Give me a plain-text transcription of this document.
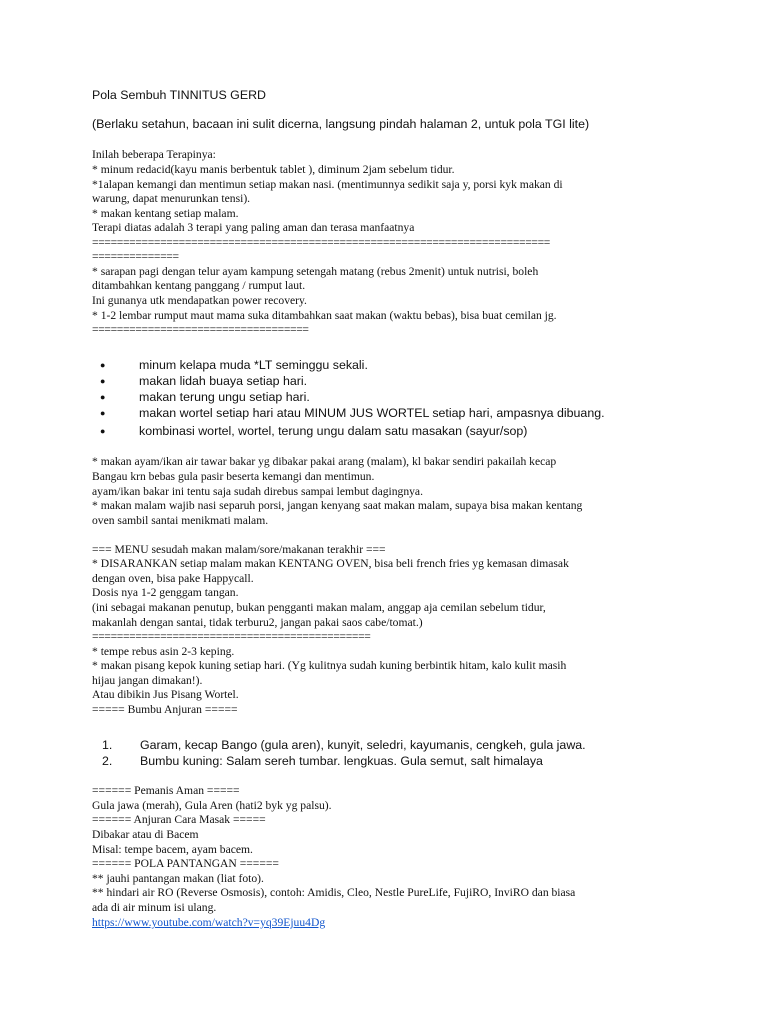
Pola Sembuh TINNITUS GERD
(Berlaku setahun, bacaan ini sulit dicerna, langsung pindah halaman 2, untuk pola TGI lite)
Inilah beberapa Terapinya:
* minum redacid(kayu manis berbentuk tablet ), diminum 2jam sebelum tidur.
*1alapan kemangi dan mentimun setiap makan nasi. (mentimunnya sedikit saja y, porsi kyk makan di
warung, dapat menurunkan tensi).
* makan kentang setiap malam.
Terapi diatas adalah 3 terapi yang paling aman dan terasa manfaatnya
==========================================================================
==============
* sarapan pagi dengan telur ayam kampung setengah matang (rebus 2menit) untuk nutrisi, boleh
ditambahkan kentang panggang / rumput laut.
Ini gunanya utk mendapatkan power recovery.
* 1-2 lembar rumput maut mama suka ditambahkan saat makan (waktu bebas), bisa buat cemilan jg.
===================================
●	minum kelapa muda *LT seminggu sekali.
●	makan lidah buaya setiap hari.
●	makan terung ungu setiap hari.
●	makan wortel setiap hari atau MINUM JUS WORTEL setiap hari, ampasnya dibuang.
●	kombinasi wortel, wortel, terung ungu dalam satu masakan (sayur/sop)
* makan ayam/ikan air tawar bakar yg dibakar pakai arang (malam), kl bakar sendiri pakailah kecap
Bangau krn bebas gula pasir beserta kemangi dan mentimun.
ayam/ikan bakar ini tentu saja sudah direbus sampai lembut dagingnya.
* makan malam wajib nasi separuh porsi, jangan kenyang saat makan malam, supaya bisa makan kentang
oven sambil santai menikmati malam.
=== MENU sesudah makan malam/sore/makanan terakhir ===
* DISARANKAN setiap malam makan KENTANG OVEN, bisa beli french fries yg kemasan dimasak
dengan oven, bisa pake Happycall.
Dosis nya 1-2 genggam tangan.
(ini sebagai makanan penutup, bukan pengganti makan malam, anggap aja cemilan sebelum tidur,
makanlah dengan santai, tidak terburu2, jangan pakai saos cabe/tomat.)
=============================================
* tempe rebus asin 2-3 keping.
* makan pisang kepok kuning setiap hari. (Yg kulitnya sudah kuning berbintik hitam, kalo kulit masih
hijau jangan dimakan!).
Atau dibikin Jus Pisang Wortel.
===== Bumbu Anjuran =====
1. Garam, kecap Bango (gula aren), kunyit, seledri, kayumanis, cengkeh, gula jawa.
2. Bumbu kuning: Salam sereh tumbar. lengkuas. Gula semut, salt himalaya
====== Pemanis Aman =====
Gula jawa (merah), Gula Aren (hati2 byk yg palsu).
====== Anjuran Cara Masak =====
Dibakar atau di Bacem
Misal: tempe bacem, ayam bacem.
====== POLA PANTANGAN ======
** jauhi pantangan makan (liat foto).
** hindari air RO (Reverse Osmosis), contoh: Amidis, Cleo, Nestle PureLife, FujiRO, InviRO dan biasa
ada di air minum isi ulang.
https://www.youtube.com/watch?v=yq39Ejuu4Dg
